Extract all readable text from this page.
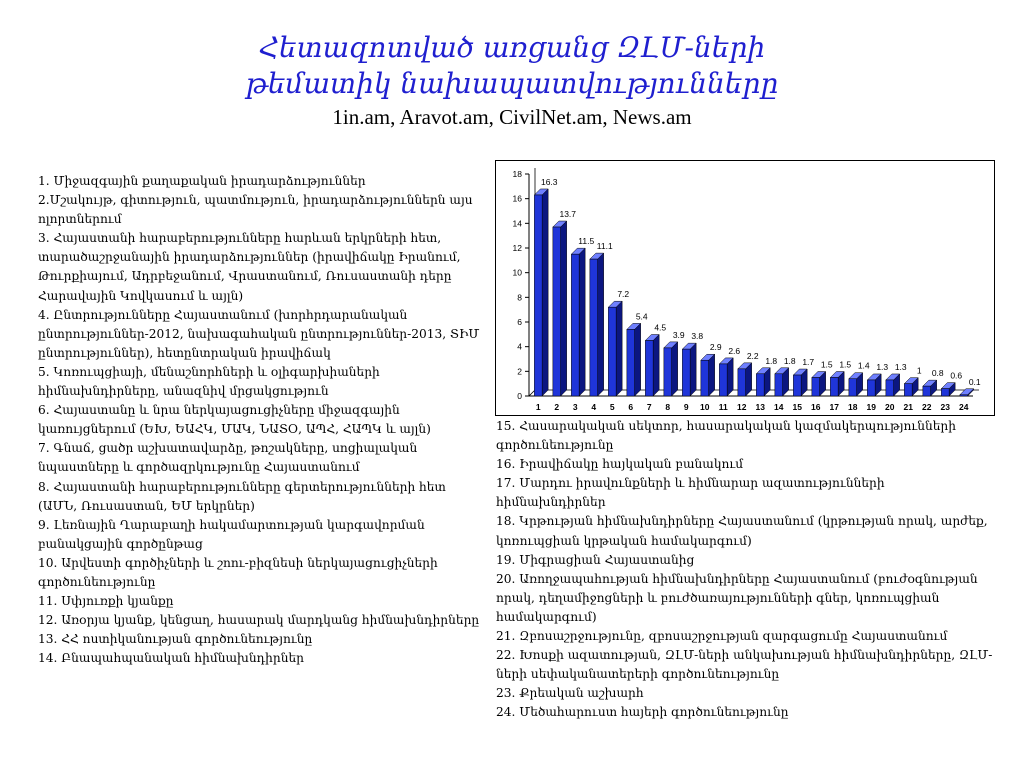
Հետազոտված առցանց ԶԼՄ-ների
թեմատիկ նախապատվությունները
1in.am, Aravot.am, CivilNet.am, News.am
1. Միջազգային քաղաքական իրադարձություններ
2.Մշակույթ, գիտություն, պատմություն, իրադարձություններն այս ոլորտներում
3. Հայաստանի հարաբերությունները հարևան երկրների հետ, տարածաշրջանային իրադարձություններ (իրավիճակը Իրանում, Թուրքիայում, Ադրբեջանում, Վրաստանում, Ռուսաստանի դերը Հարավային Կովկասում և այլն)
4. Ընտրությունները Հայաստանում (խորհրդարանական ընտրություններ-2012, նախագահական ընտրություններ-2013, ՏԻՄ ընտրություններ), հետընտրական իրավիճակ
5. Կոռուպցիայի, մենաշնորհների և օլիգարխիաների հիմնախնդիրները, անազնիվ մրցակցություն
6. Հայաստանը և նրա ներկայացուցիչները միջազգային կառույցներում (ԵԽ, ԵԱՀԿ, ՄԱԿ, ՆԱՏՕ, ԱՊՀ, ՀԱՊԿ և այլն)
7. Գնաճ, ցածր աշխատավարձը, թոշակները, սոցիալական նպաստները և գործազրկությունը Հայաստանում
8. Հայաստանի հարաբերությունները գերտերությունների հետ (ԱՄՆ, Ռուսաստան, ԵՄ երկրներ)
9. Լեռնային Ղարաբաղի հակամարտության կարգավորման բանակցային գործընթաց
10. Արվեստի գործիչների և շոու-բիզնեսի ներկայացուցիչների գործունեությունը
11. Սփյուռքի կյանքը
12. Առօրյա կյանք, կենցաղ, հասարակ մարդկանց հիմնախնդիրները
13. ՀՀ ոստիկանության գործունեությունը
14. Բնապահպանական հիմնախնդիրներ
0
2
4
6
8
10
12
14
16
18
16.3
1
13.7
2
11.5
3
11.1
4
7.2
5
5.4
6
4.5
7
3.9
8
3.8
9
2.9
10
2.6
11
2.2
12
1.8
13
1.8
14
1.7
15
1.5
16
1.5
17
1.4
18
1.3
19
1.3
20
1
21
0.8
22
0.6
23
0.1
24
15. Հասարակական սեկտոր, հասարակական կազմակերպությունների գործունեությունը
16. Իրավիճակը հայկական բանակում
17. Մարդու իրավունքների և հիմնարար ազատությունների հիմնախնդիրներ
18. Կրթության հիմնախնդիրները Հայաստանում (կրթության որակ, արժեք, կոռուպցիան կրթական համակարգում)
19. Միգրացիան Հայաստանից
20. Առողջապահության հիմնախնդիրները Հայաստանում (բուժօգնության որակ, դեղամիջոցների և բուժծառայությունների գներ, կոռուպցիան համակարգում)
21. Զբոսաշրջությունը, զբոսաշրջության զարգացումը Հայաստանում
22. Խոսքի ազատության, ԶԼՄ-ների անկախության հիմնախնդիրները, ԶԼՄ-ների սեփականատերերի գործունեությունը
23. Քրեական աշխարհ
24. Մեծահարուստ հայերի գործունեությունը
